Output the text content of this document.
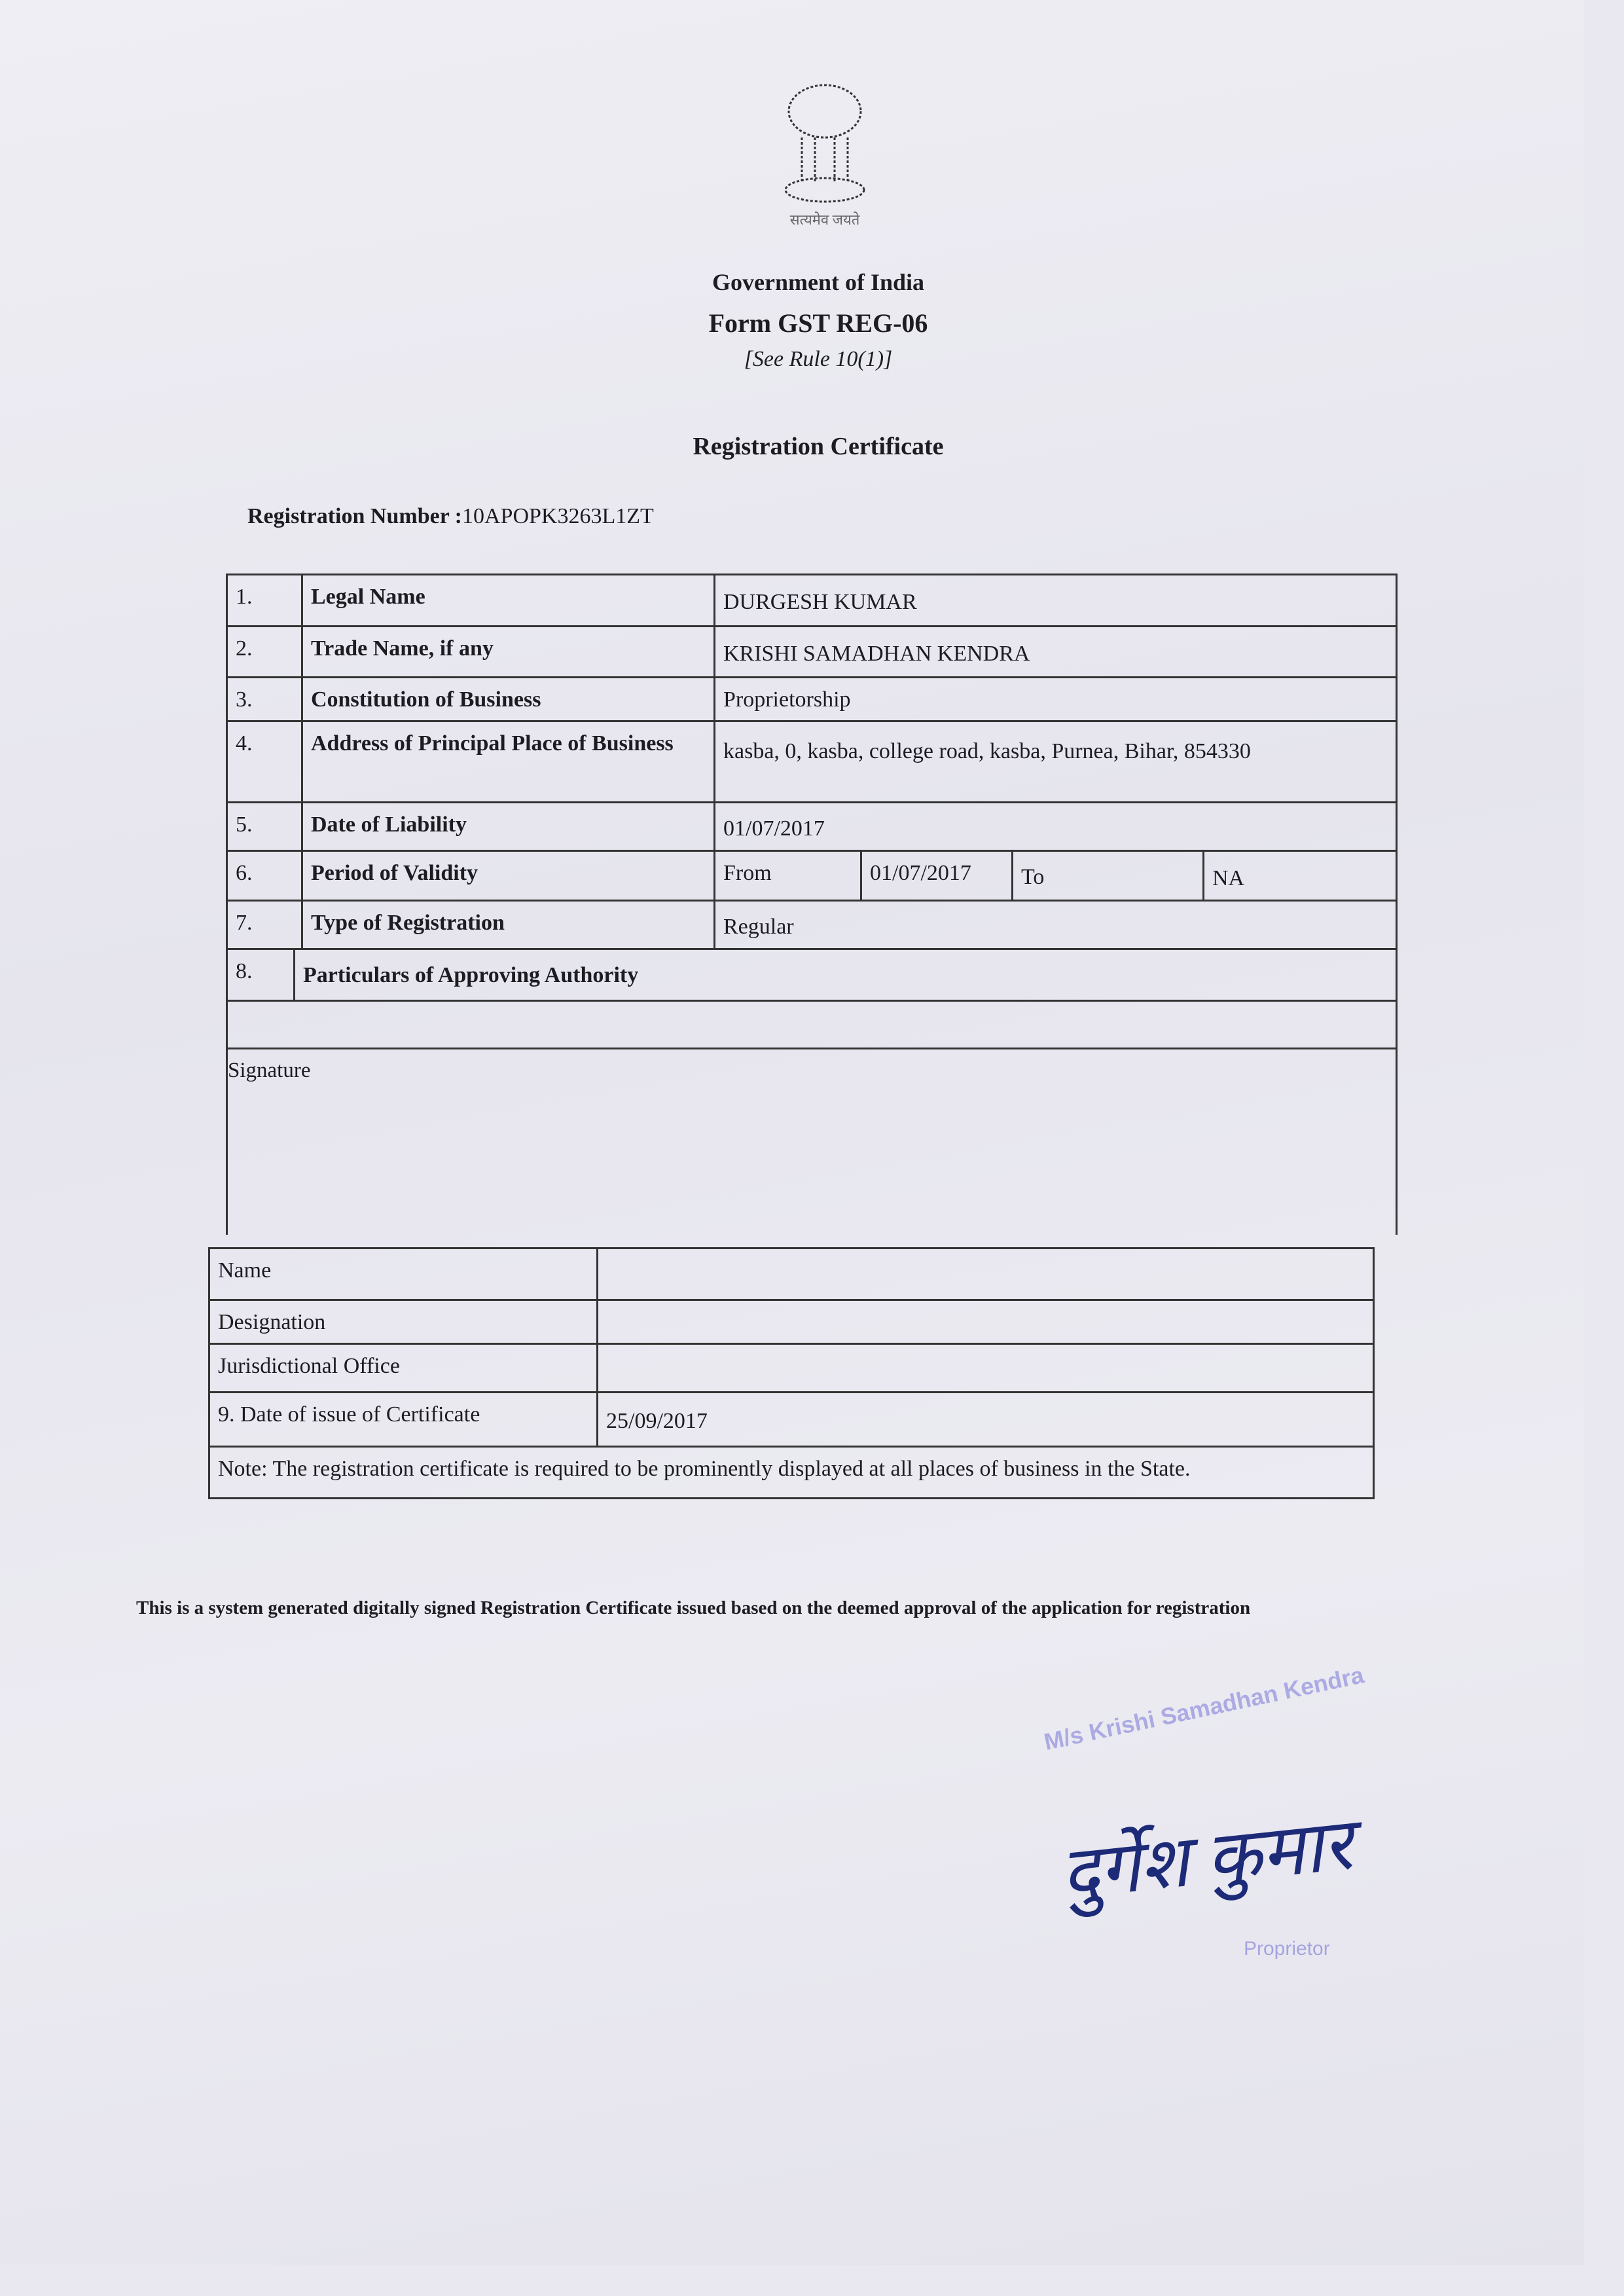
सत्यमेव जयते
Government of India
Form GST REG-06
[See Rule 10(1)]
Registration Certificate
Registration Number :10APOPK3263L1ZT
1.	Legal Name	DURGESH KUMAR
2.	Trade Name, if any	KRISHI SAMADHAN KENDRA
3.	Constitution of Business	Proprietorship
4.	Address of Principal Place of Business	kasba, 0, kasba, college road, kasba, Purnea, Bihar, 854330
5.	Date of Liability	01/07/2017
6.	Period of Validity	From	01/07/2017	To	NA
7.	Type of Registration	Regular
8.	Particulars of Approving Authority
Signature
Name
Designation
Jurisdictional Office
9. Date of issue of Certificate	25/09/2017
Note: The registration certificate is required to be prominently displayed at all places of business in the State.
This is a system generated digitally signed Registration Certificate issued based on the deemed approval of the application for registration
M/s Krishi Samadhan Kendra
दुर्गेश कुमार
Proprietor
